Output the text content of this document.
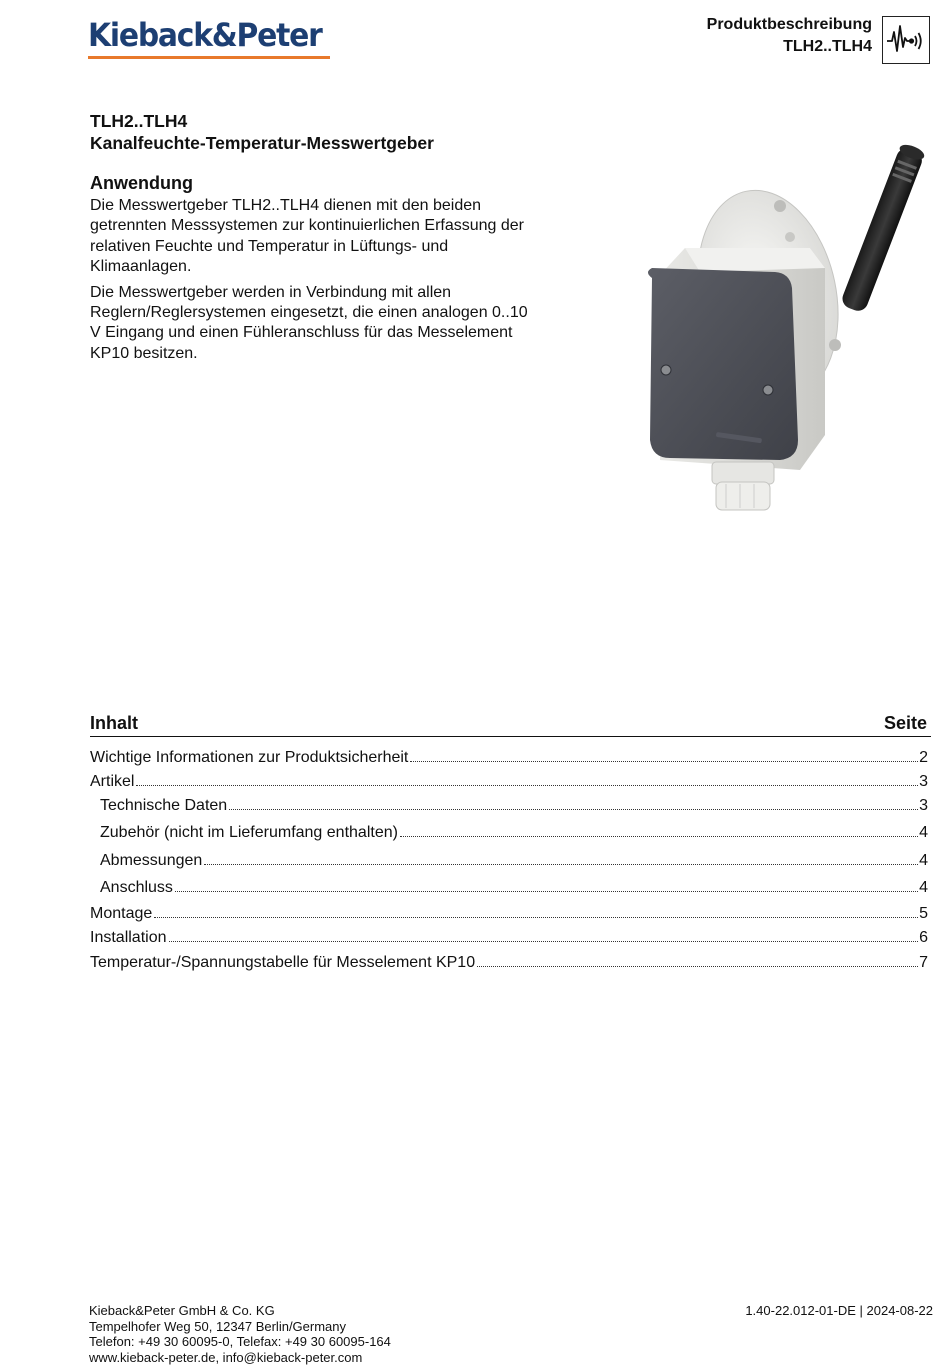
Kieback&Peter	Produktbeschreibung
TLH2..TLH4
TLH2..TLH4
Kanalfeuchte-Temperatur-Messwertgeber
Anwendung

Die Messwertgeber TLH2..TLH4 dienen mit den beiden getrennten Messsystemen zur kontinuierlichen Erfassung der relativen Feuchte und Temperatur in Lüftungs- und Klimaanlagen.

Die Messwertgeber werden in Verbindung mit allen Reglern/Reglersystemen eingesetzt, die einen analogen 0..10 V Eingang und einen Fühleranschluss für das Messelement KP10 besitzen.

Inhalt	Seite
Wichtige Informationen zur Produktsicherheit	2
Artikel	3
Technische Daten	3
Zubehör (nicht im Lieferumfang enthalten)	4
Abmessungen	4
Anschluss	4
Montage	5
Installation	6
Temperatur-/Spannungstabelle für Messelement KP10	7
Kieback&Peter GmbH & Co. KG
Tempelhofer Weg 50, 12347 Berlin/Germany
Telefon: +49 30 60095-0, Telefax: +49 30 60095-164
www.kieback-peter.de, info@kieback-peter.com
1.40-22.012-01-DE | 2024-08-22
